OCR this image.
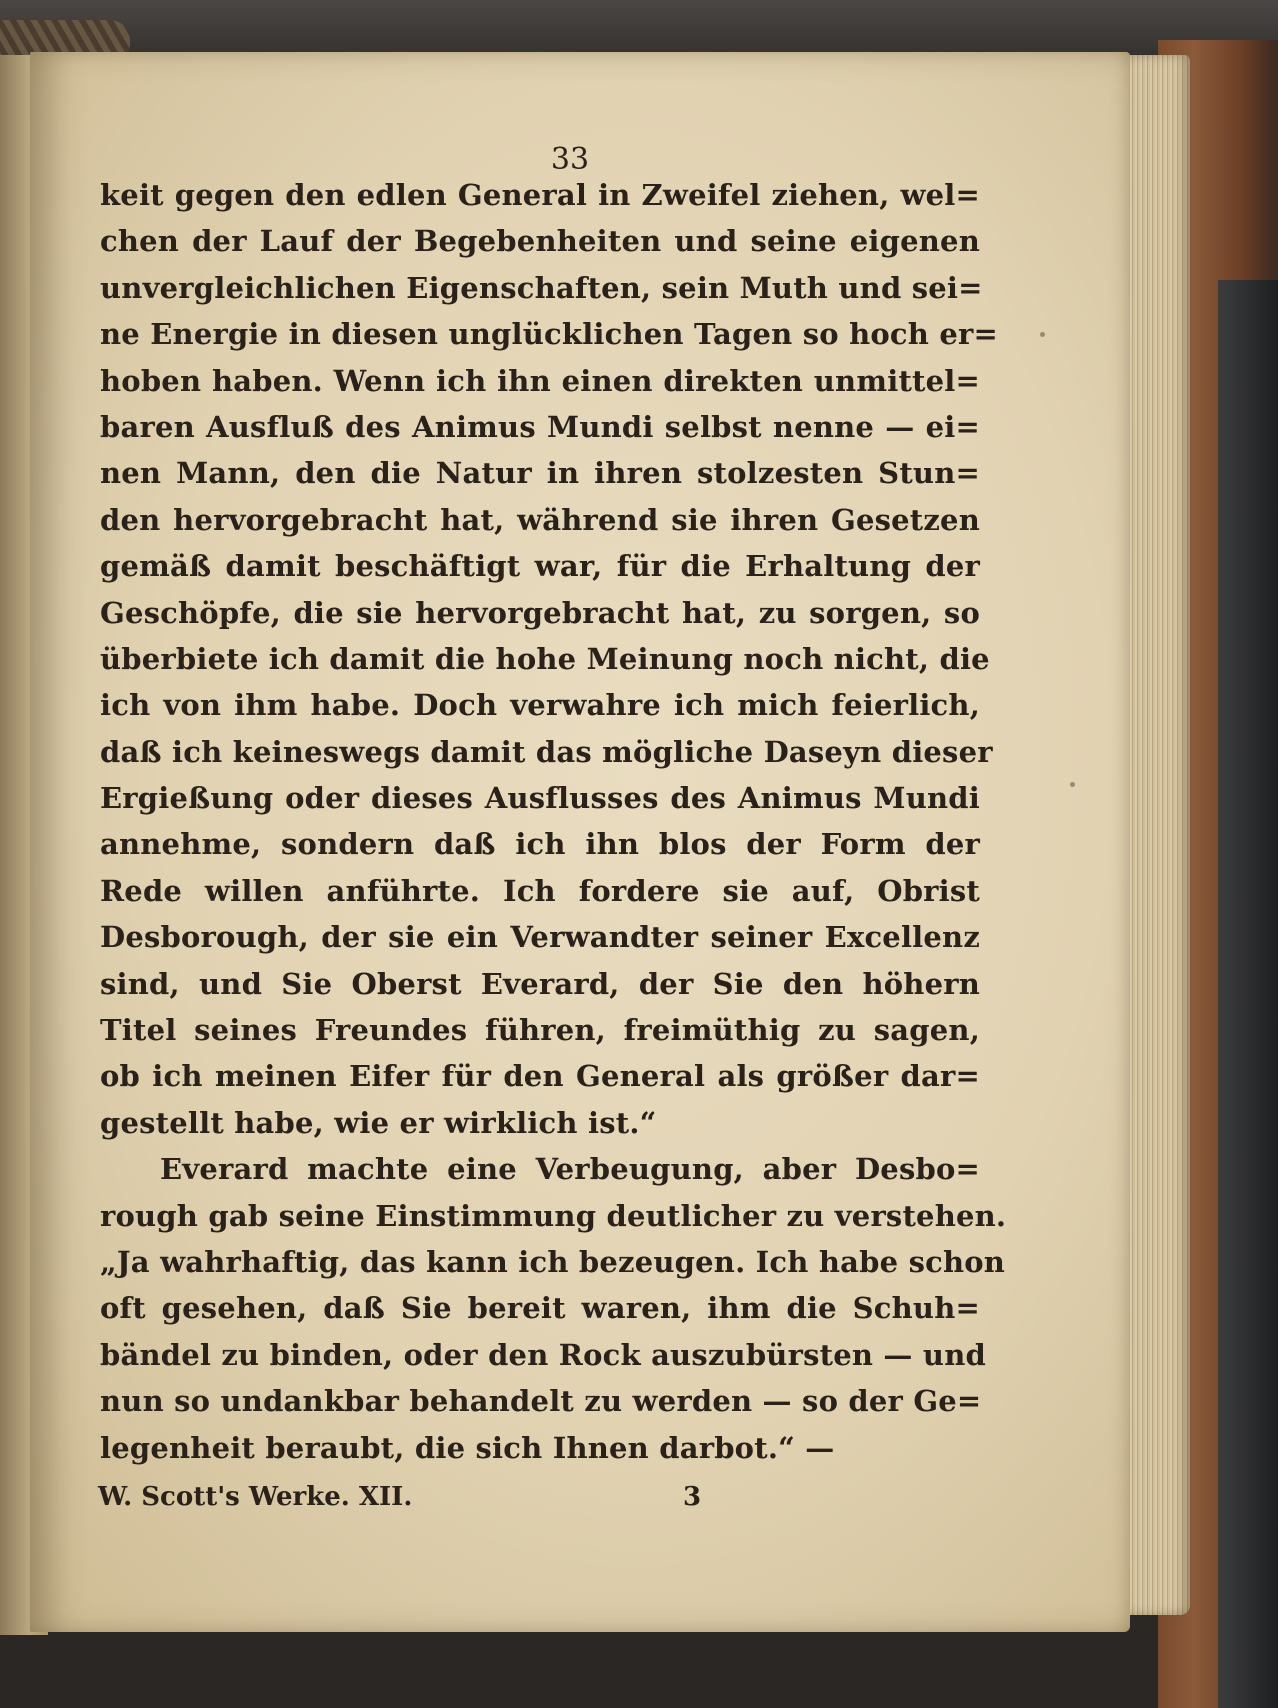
33
keit gegen den edlen General in Zweifel ziehen, wel=
chen der Lauf der Begebenheiten und seine eigenen
unvergleichlichen Eigenschaften, sein Muth und sei=
ne Energie in diesen unglücklichen Tagen so hoch er=
hoben haben. Wenn ich ihn einen direkten unmittel=
baren Ausfluß des Animus Mundi selbst nenne — ei=
nen Mann, den die Natur in ihren stolzesten Stun=
den hervorgebracht hat, während sie ihren Gesetzen
gemäß damit beschäftigt war, für die Erhaltung der
Geschöpfe, die sie hervorgebracht hat, zu sorgen, so
überbiete ich damit die hohe Meinung noch nicht, die
ich von ihm habe. Doch verwahre ich mich feierlich,
daß ich keineswegs damit das mögliche Daseyn dieser
Ergießung oder dieses Ausflusses des Animus Mundi
annehme, sondern daß ich ihn blos der Form der
Rede willen anführte. Ich fordere sie auf, Obrist
Desborough, der sie ein Verwandter seiner Excellenz
sind, und Sie Oberst Everard, der Sie den höhern
Titel seines Freundes führen, freimüthig zu sagen,
ob ich meinen Eifer für den General als größer dar=
gestellt habe, wie er wirklich ist.“
Everard machte eine Verbeugung, aber Desbo=
rough gab seine Einstimmung deutlicher zu verstehen.
„Ja wahrhaftig, das kann ich bezeugen. Ich habe schon
oft gesehen, daß Sie bereit waren, ihm die Schuh=
bändel zu binden, oder den Rock auszubürsten — und
nun so undankbar behandelt zu werden — so der Ge=
legenheit beraubt, die sich Ihnen darbot.“ —
W. Scott's Werke. XII.	3
